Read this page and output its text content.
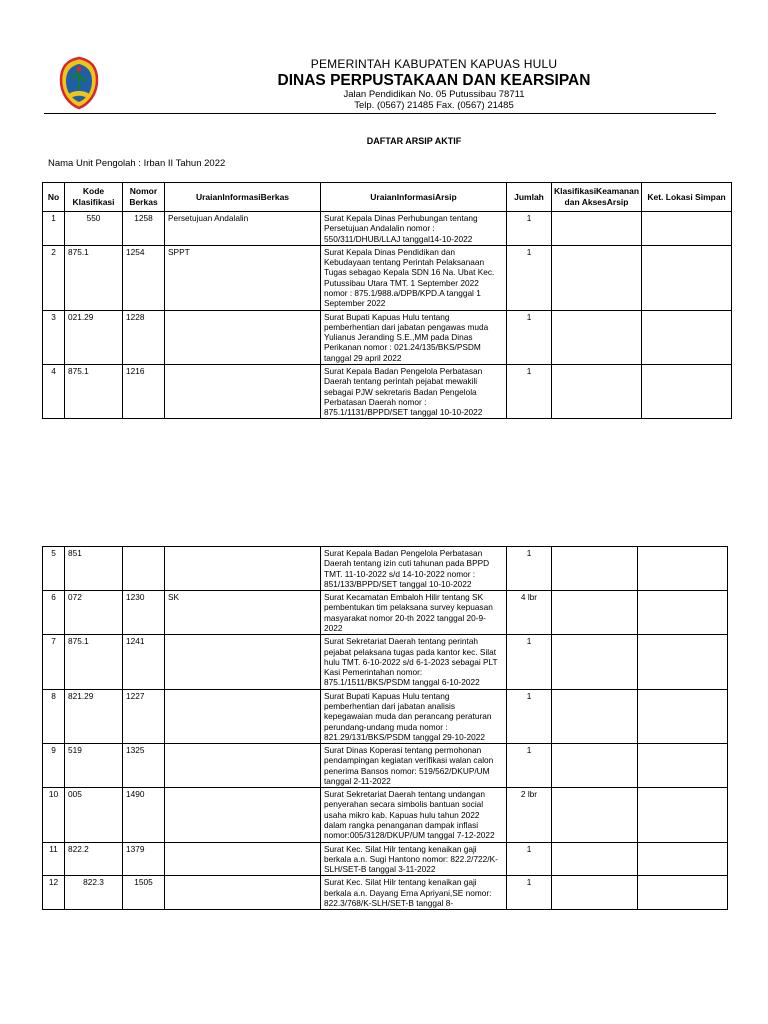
PEMERINTAH KABUPATEN KAPUAS HULU
DINAS PERPUSTAKAAN DAN KEARSIPAN
Jalan Pendidikan No. 05 Putussibau 78711
Telp. (0567) 21485 Fax. (0567) 21485
DAFTAR ARSIP AKTIF
Nama Unit Pengolah : Irban II Tahun 2022
No	Kode Klasifikasi	Nomor Berkas	UraianInformasiBerkas	UraianInformasiArsip	Jumlah	KlasifikasiKeamanan dan AksesArsip	Ket. Lokasi Simpan
1	550	1258	Persetujuan Andalalin	Surat Kepala Dinas Perhubungan tentang Persetujuan Andalalin nomor : 550/311/DHUB/LLAJ tanggal14-10-2022	1		
2	875.1	1254	SPPT	Surat Kepala Dinas Pendidikan dan Kebudayaan tentang Perintah Pelaksanaan Tugas sebagao Kepala SDN 16 Na. Ubat Kec. Putussibau Utara TMT. 1 September 2022 nomor : 875.1/988.a/DPB/KPD.A tanggal 1 September 2022	1		
3	021.29	1228		Surat Bupati Kapuas Hulu tentang pemberhentian dari jabatan pengawas muda Yulianus Jeranding S.E.,MM pada Dinas Perikanan nomor : 021.24/135/BKS/PSDM tanggal 29 april 2022	1		
4	875.1	1216		Surat Kepala Badan Pengelola Perbatasan Daerah tentang perintah pejabat mewakili sebagai PJW sekretaris Badan Pengelola Perbatasan Daerah nomor : 875.1/1131/BPPD/SET tanggal 10-10-2022	1		
5	851			Surat Kepala Badan Pengelola Perbatasan Daerah tentang izin cuti tahunan pada BPPD TMT. 11-10-2022 s/d 14-10-2022 nomor : 851/133/BPPD/SET tanggal 10-10-2022	1		
6	072	1230	SK	Surat Kecamatan Embaloh Hilir tentang SK pembentukan tim pelaksana survey kepuasan masyarakat nomor 20-th 2022 tanggal 20-9-2022	4 lbr		
7	875.1	1241		Surat Sekretariat Daerah tentang perintah pejabat pelaksana tugas pada kantor kec. Silat hulu TMT. 6-10-2022 s/d 6-1-2023 sebagai PLT Kasi Pemerintahan nomor: 875.1/1511/BKS/PSDM tanggal 6-10-2022	1		
8	821.29	1227		Surat Bupati Kapuas Hulu tentang pemberhentian dari jabatan analisis kepegawaian muda dan perancang peraturan perundang-undang muda nomor : 821.29/131/BKS/PSDM tanggal 29-10-2022	1		
9	519	1325		Surat Dinas Koperasi tentang permohonan pendampingan kegiatan verifikasi walan calon penerima Bansos nomor: 519/562/DKUP/UM tanggal 2-11-2022	1		
10	005	1490		Surat Sekretariat Daerah tentang undangan penyerahan secara simbolis bantuan social usaha mikro kab. Kapuas hulu tahun 2022 dalam rangka penanganan dampak inflasi nomor:005/3128/DKUP/UM tanggal 7-12-2022	2 lbr		
11	822.2	1379		Surat Kec. Silat Hilr tentang kenaikan gaji berkala a.n. Sugi Hantono nomor: 822.2/722/K-SLH/SET-B tanggal 3-11-2022	1		
12	822.3	1505		Surat Kec. Silat Hilr tentang kenaikan gaji berkala a.n. Dayang Erna Apriyani,SE nomor: 822.3/768/K-SLH/SET-B tanggal 8-	1		
